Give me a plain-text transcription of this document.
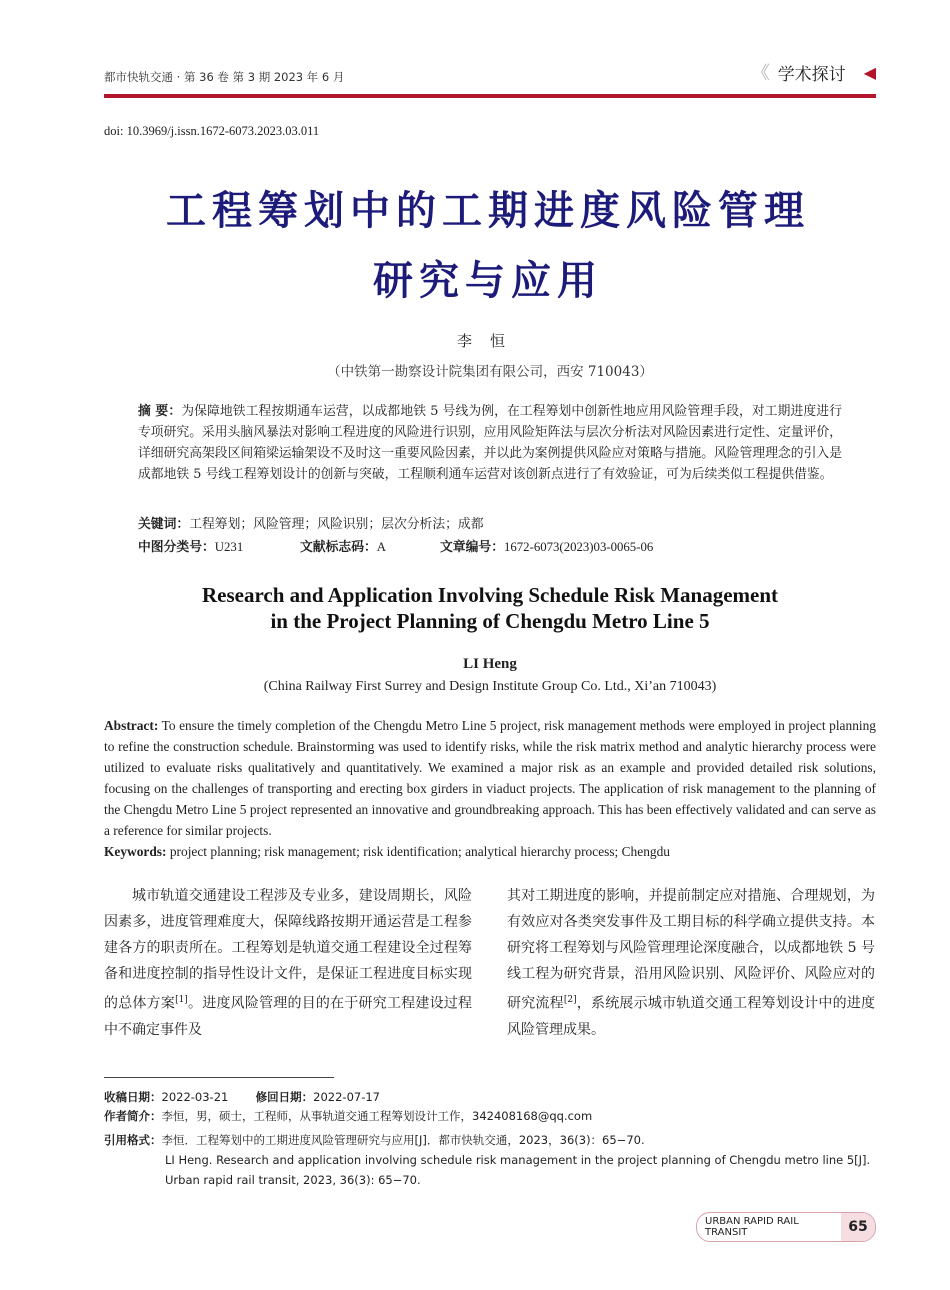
都市快轨交通 · 第 36 卷 第 3 期 2023 年 6 月	《 学术探讨 ◀
doi: 10.3969/j.issn.1672-6073.2023.03.011
工程筹划中的工期进度风险管理
研究与应用
李恒
（中铁第一勘察设计院集团有限公司，西安 710043）
摘 要：为保障地铁工程按期通车运营，以成都地铁 5 号线为例，在工程筹划中创新性地应用风险管理手段，对工期进度进行专项研究。采用头脑风暴法对影响工程进度的风险进行识别，应用风险矩阵法与层次分析法对风险因素进行定性、定量评价，详细研究高架段区间箱梁运输架设不及时这一重要风险因素，并以此为案例提供风险应对策略与措施。风险管理理念的引入是成都地铁 5 号线工程筹划设计的创新与突破，工程顺利通车运营对该创新点进行了有效验证，可为后续类似工程提供借鉴。
关键词：工程筹划；风险管理；风险识别；层次分析法；成都
中图分类号：U231	文献标志码：A	文章编号：1672-6073(2023)03-0065-06
Research and Application Involving Schedule Risk Management
in the Project Planning of Chengdu Metro Line 5
LI Heng
(China Railway First Surrey and Design Institute Group Co. Ltd., Xi’an 710043)
Abstract: To ensure the timely completion of the Chengdu Metro Line 5 project, risk management methods were employed in project planning to refine the construction schedule. Brainstorming was used to identify risks, while the risk matrix method and analytic hierarchy process were utilized to evaluate risks qualitatively and quantitatively. We examined a major risk as an example and provided detailed risk solutions, focusing on the challenges of transporting and erecting box girders in viaduct projects. The application of risk management to the planning of the Chengdu Metro Line 5 project represented an innovative and groundbreaking approach. This has been effectively validated and can serve as a reference for similar projects.
Keywords: project planning; risk management; risk identification; analytical hierarchy process; Chengdu
城市轨道交通建设工程涉及专业多，建设周期长，风险因素多，进度管理难度大，保障线路按期开通运营是工程参建各方的职责所在。工程筹划是轨道交通工程建设全过程筹备和进度控制的指导性设计文件，是保证工程进度目标实现的总体方案[1]。进度风险管理的目的在于研究工程建设过程中不确定事件及
其对工期进度的影响，并提前制定应对措施、合理规划，为有效应对各类突发事件及工期目标的科学确立提供支持。本研究将工程筹划与风险管理理论深度融合，以成都地铁 5 号线工程为研究背景，沿用风险识别、风险评价、风险应对的研究流程[2]，系统展示城市轨道交通工程筹划设计中的进度风险管理成果。
收稿日期：2022-03-21 修回日期：2022-07-17
作者简介：李恒，男，硕士，工程师，从事轨道交通工程筹划设计工作，342408168@qq.com
引用格式：李恒．工程筹划中的工期进度风险管理研究与应用[J]．都市快轨交通，2023，36(3)：65−70.
LI Heng. Research and application involving schedule risk management in the project planning of Chengdu metro line 5[J]. Urban rapid rail transit, 2023, 36(3): 65−70.
URBAN RAPID RAIL TRANSIT	65
